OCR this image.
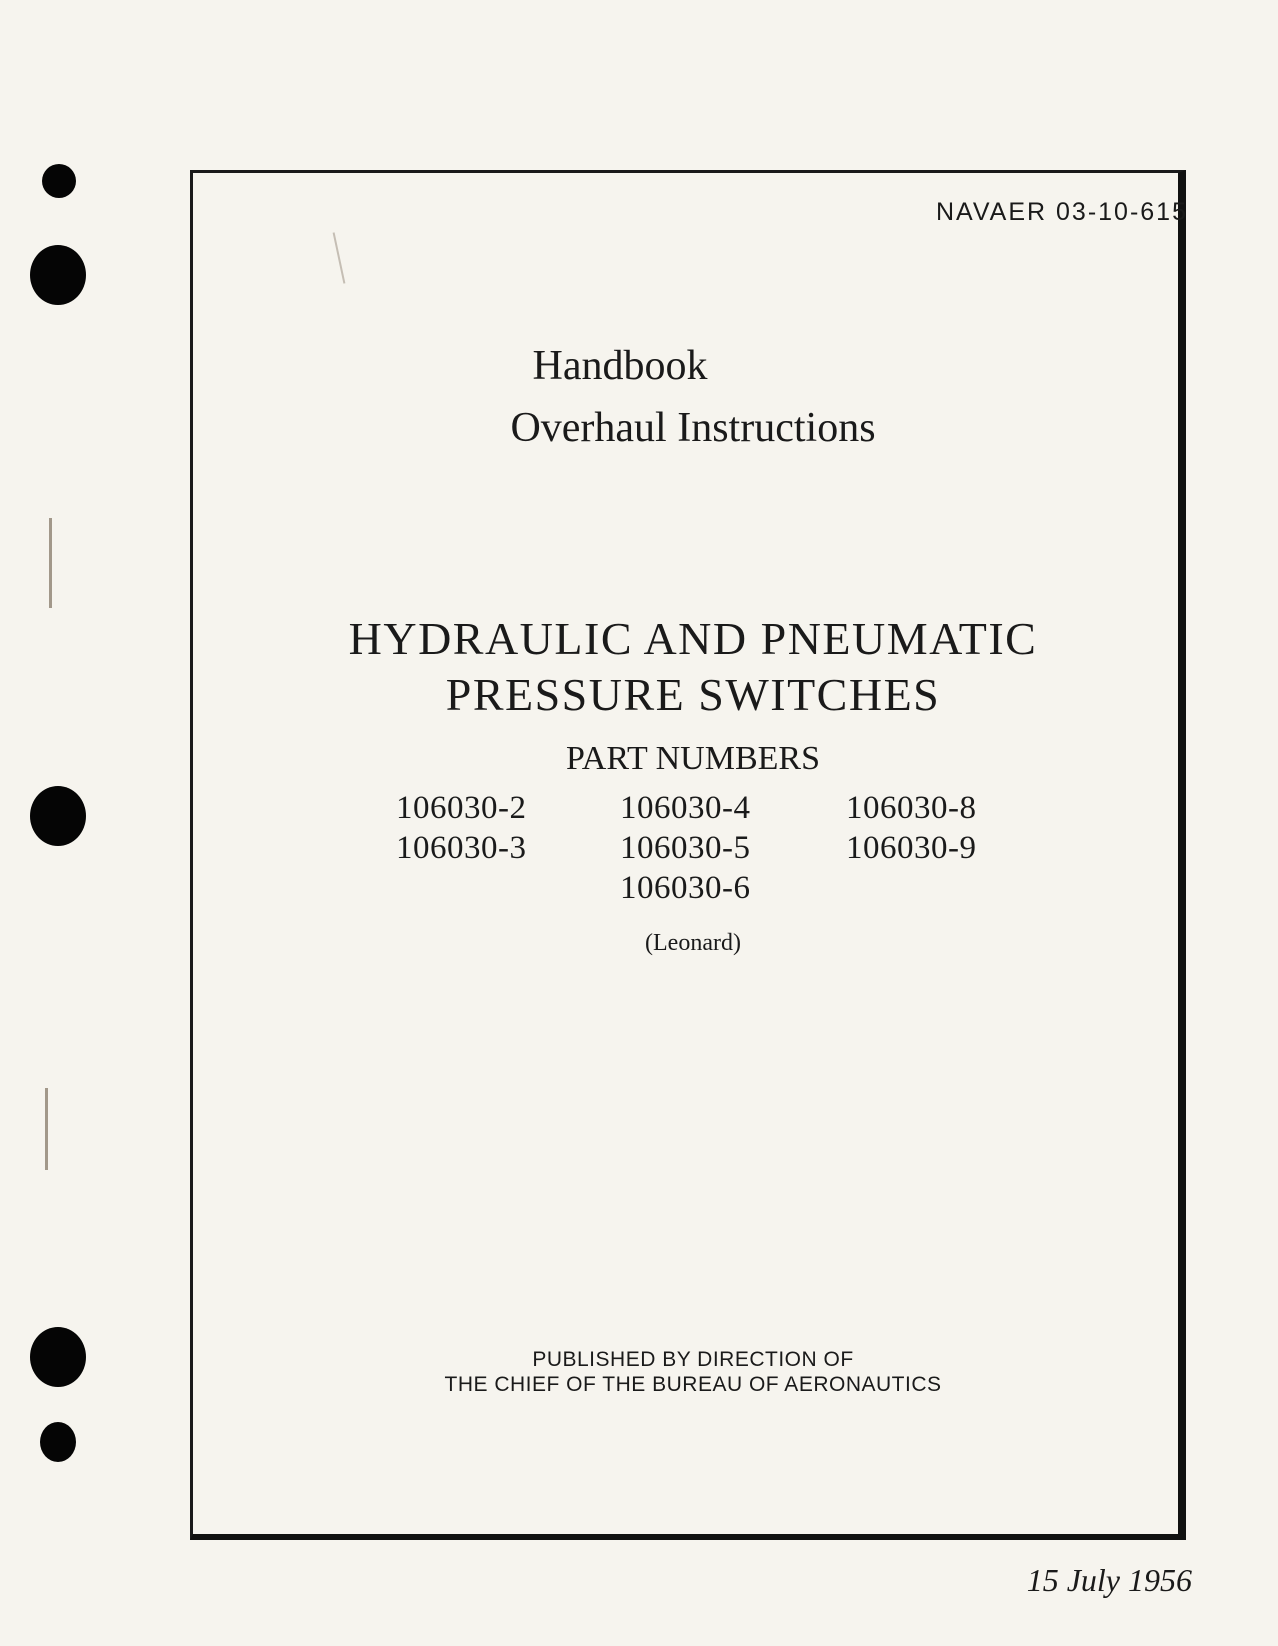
NAVAER 03-10-615
Handbook
Overhaul Instructions
HYDRAULIC AND PNEUMATIC
PRESSURE SWITCHES
PART NUMBERS
106030-2
106030-3
106030-4
106030-5
106030-6
106030-8
106030-9
(Leonard)
PUBLISHED BY DIRECTION OF
THE CHIEF OF THE BUREAU OF AERONAUTICS
15 July 1956
